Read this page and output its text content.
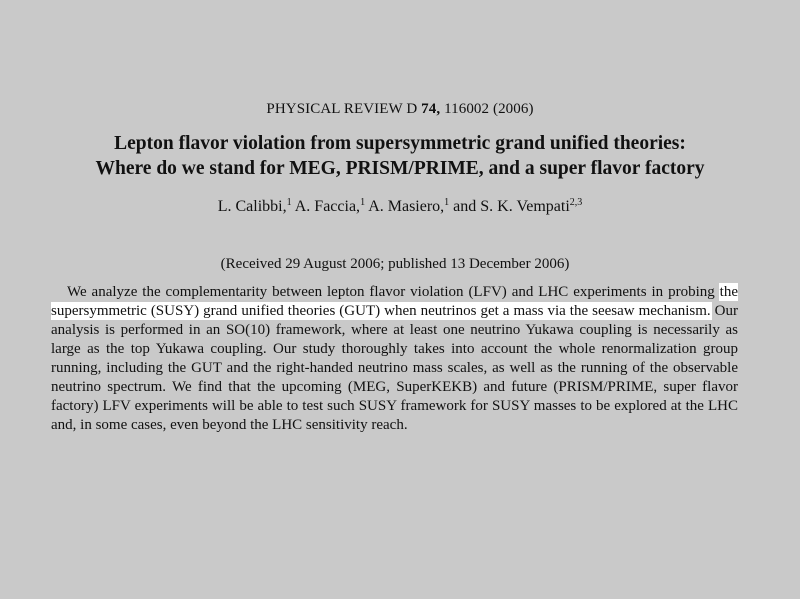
PHYSICAL REVIEW D 74, 116002 (2006)
Lepton flavor violation from supersymmetric grand unified theories:
Where do we stand for MEG, PRISM/PRIME, and a super flavor factory
L. Calibbi,$^1$ A. Faccia,$^1$ A. Masiero,$^1$ and S. K. Vempati$^{2,3}$
(Received 29 August 2006; published 13 December 2006)
We analyze the complementarity between lepton flavor violation (LFV) and LHC experiments in probing the supersymmetric (SUSY) grand unified theories (GUT) when neutrinos get a mass via the seesaw mechanism. Our analysis is performed in an SO(10) framework, where at least one neutrino Yukawa coupling is necessarily as large as the top Yukawa coupling. Our study thoroughly takes into account the whole renormalization group running, including the GUT and the right-handed neutrino mass scales, as well as the running of the observable neutrino spectrum. We find that the upcoming (MEG, SuperKEKB) and future (PRISM/PRIME, super flavor factory) LFV experiments will be able to test such SUSY framework for SUSY masses to be explored at the LHC and, in some cases, even beyond the LHC sensitivity reach.
